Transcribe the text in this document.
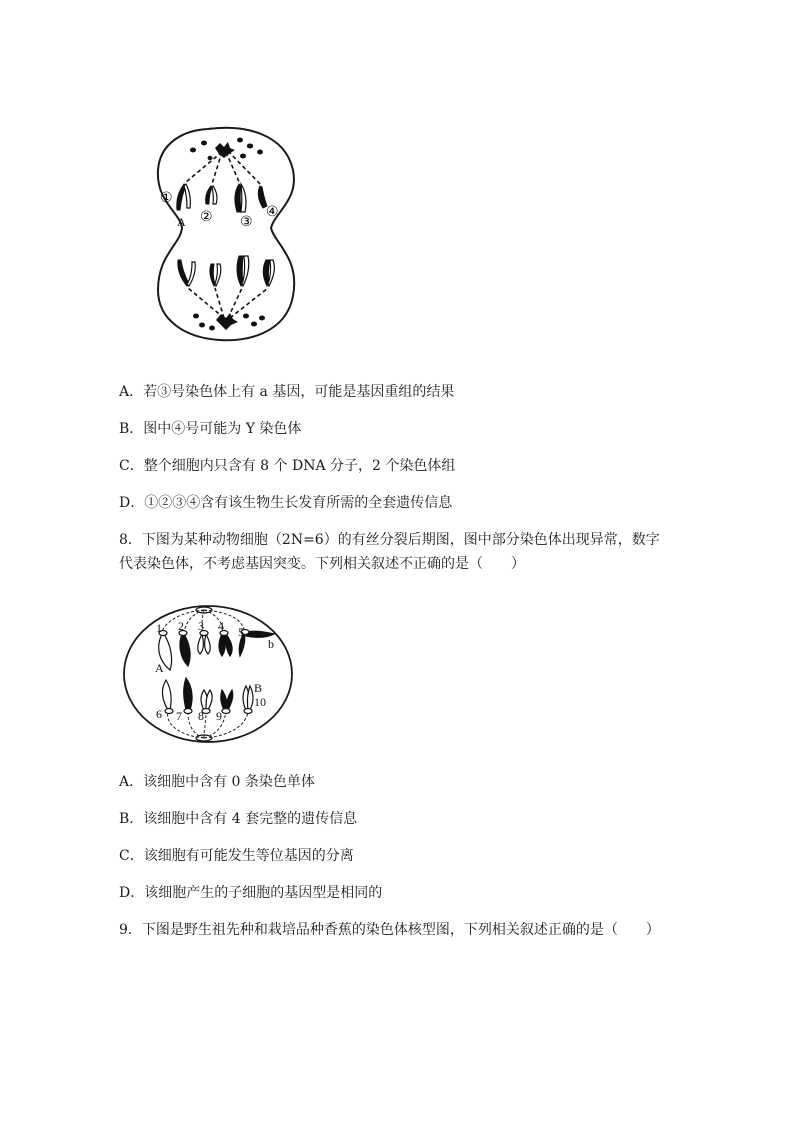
①
A ② ③
④
A．若③号染色体上有 a 基因，可能是基因重组的结果
B．图中④号可能为 Y 染色体
C．整个细胞内只含有 8 个 DNA 分子，2 个染色体组
D．①②③④含有该生物生长发育所需的全套遗传信息
8．下图为某种动物细胞（2N=6）的有丝分裂后期图，图中部分染色体出现异常，数字
代表染色体，不考虑基因突变。下列相关叙述不正确的是（　　）
1 2 3 4 5
b
A
B
6 7 8 9
10
A．该细胞中含有 0 条染色单体
B．该细胞中含有 4 套完整的遗传信息
C．该细胞有可能发生等位基因的分离
D．该细胞产生的子细胞的基因型是相同的
9．下图是野生祖先种和栽培品种香蕉的染色体核型图，下列相关叙述正确的是（　　）
